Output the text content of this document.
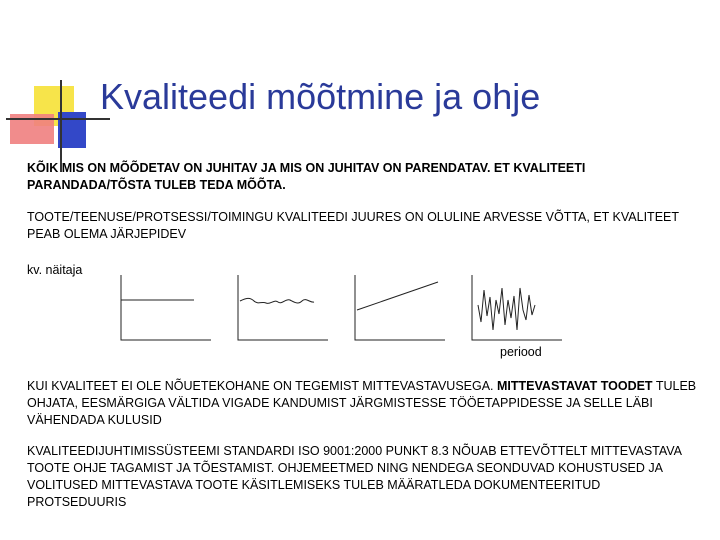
Kvaliteedi mõõtmine ja ohje

KÕIK MIS ON MÕÕDETAV ON JUHITAV JA MIS ON JUHITAV ON PARENDATAV. ET KVALITEETI PARANDADA/TÕSTA TULEB TEDA MÕÕTA.

TOOTE/TEENUSE/PROTSESSI/TOIMINGU KVALITEEDI JUURES ON OLULINE ARVESSE VÕTTA, ET KVALITEET PEAB OLEMA JÄRJEPIDEV

kv. näitaja
periood

KUI KVALITEET EI OLE NÕUETEKOHANE ON TEGEMIST MITTEVASTAVUSEGA. MITTEVASTAVAT TOODET TULEB OHJATA, EESMÄRGIGA VÄLTIDA VIGADE KANDUMIST JÄRGMISTESSE TÖÖETAPPIDESSE JA SELLE LÄBI VÄHENDADA KULUSID

KVALITEEDIJUHTIMISSÜSTEEMI STANDARDI ISO 9001:2000 PUNKT 8.3 NÕUAB ETTEVÕTTELT MITTEVASTAVA TOOTE OHJE TAGAMIST JA TÕESTAMIST. OHJEMEETMED NING NENDEGA SEONDUVAD KOHUSTUSED JA VOLITUSED MITTEVASTAVA TOOTE KÄSITLEMISEKS TULEB MÄÄRATLEDA DOKUMENTEERITUD PROTSEDUURIS
